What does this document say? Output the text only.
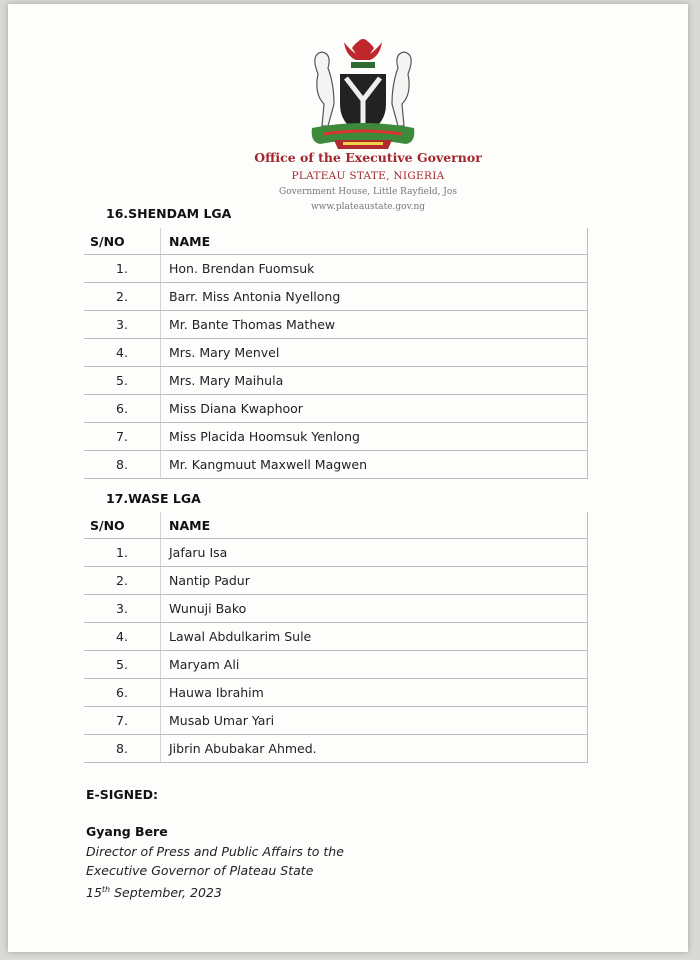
Office of the Executive Governor
PLATEAU STATE, NIGERIA
Government House, Little Rayfield, Jos
www.plateaustate.gov.ng
16.SHENDAM LGA
S/NO	NAME
1.	Hon. Brendan Fuomsuk
2.	Barr. Miss Antonia Nyellong
3.	Mr. Bante Thomas Mathew
4.	Mrs. Mary Menvel
5.	Mrs. Mary Maihula
6.	Miss Diana Kwaphoor
7.	Miss Placida Hoomsuk Yenlong
8.	Mr. Kangmuut Maxwell Magwen
17.WASE LGA
S/NO	NAME
1.	Jafaru Isa
2.	Nantip Padur
3.	Wunuji Bako
4.	Lawal Abdulkarim Sule
5.	Maryam Ali
6.	Hauwa Ibrahim
7.	Musab Umar Yari
8.	Jibrin Abubakar Ahmed.
E-SIGNED:
Gyang Bere
Director of Press and Public Affairs to the
Executive Governor of Plateau State
15th September, 2023
